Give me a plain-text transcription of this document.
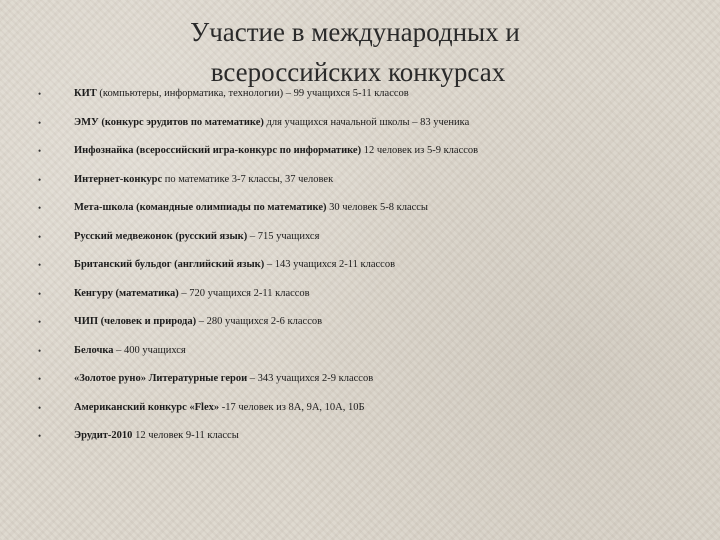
Участие в международных и
всероссийских конкурсах
•	КИТ (компьютеры, информатика, технологии) – 99 учащихся 5-11 классов
•	ЭМУ (конкурс эрудитов по математике) для учащихся начальной школы – 83 ученика
•	Инфознайка (всероссийский игра-конкурс по информатике) 12 человек из 5-9 классов
•	Интернет-конкурс по математике 3-7 классы, 37 человек
•	Мета-школа (командные олимпиады по математике) 30 человек 5-8 классы
•	Русский медвежонок (русский язык) – 715 учащихся
•	Британский бульдог (английский язык) – 143 учащихся 2-11 классов
•	Кенгуру (математика) – 720 учащихся 2-11 классов
•	ЧИП (человек и природа) – 280 учащихся 2-6 классов
•	Белочка – 400 учащихся
•	«Золотое руно» Литературные герои – 343 учащихся 2-9 классов
•	Американский конкурс «Flex» -17 человек из 8А, 9А, 10А, 10Б
•	Эрудит-2010 12 человек 9-11 классы
